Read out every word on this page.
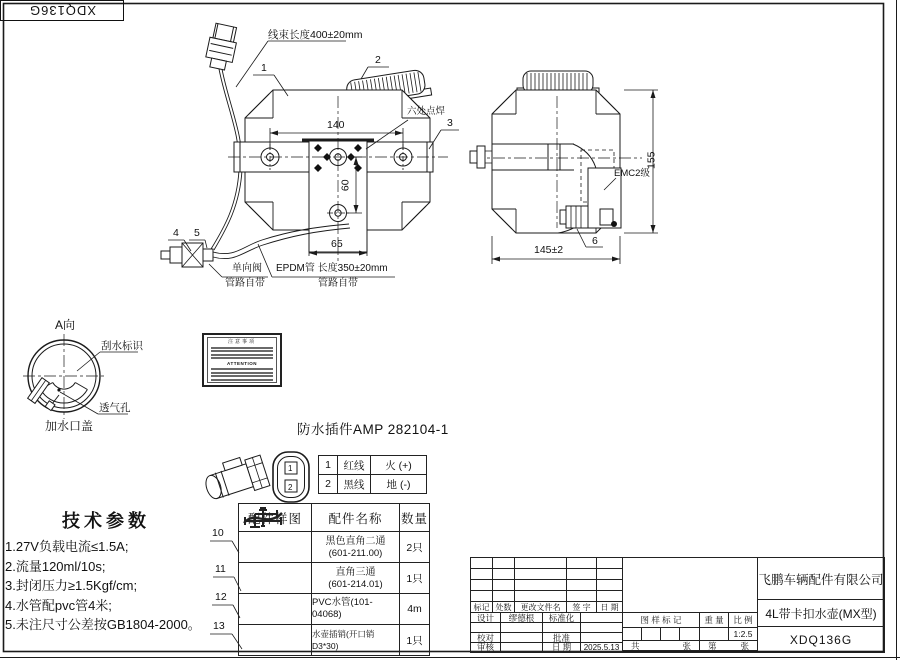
1
2
XDQ136G
线束长度400±20mm
1
2
3
4 5
六处点焊
140
60
65
单向阀
管路自带
EPDM管 长度350±20mm
管路自带
EMC2级
6
145±2
155
A向
刮水标识
透气孔
加水口盖
注意事项
ATTENTION
防水插件AMP 282104-1
1	红线	火 (+)
2	黑线	地 (-)
技术参数
1.27V负载电流≤1.5A;
2.流量120ml/10s;
3.封闭压力≥1.5Kgf/cm;
4.水管配pvc管4米;
5.未注尺寸公差按GB1804-2000。
10
11
12
13
配件样图	配件名称	数量
黑色直角二通
(601-211.00)	2只
直角三通
(601-214.01)	1只
PVC水管(101-04068)	4m
水壶插销(开口销D3*30)	1只
标记 处数	更改文件名	签 字	日 期
设计	缪德根	标准化
校对	批准
审核	日 期	2025.5.13
图 样 标 记	重 量	比 例
1:2.5
共	张 第	张
飞鹏车辆配件有限公司
4L带卡扣水壶(MX型)
XDQ136G
